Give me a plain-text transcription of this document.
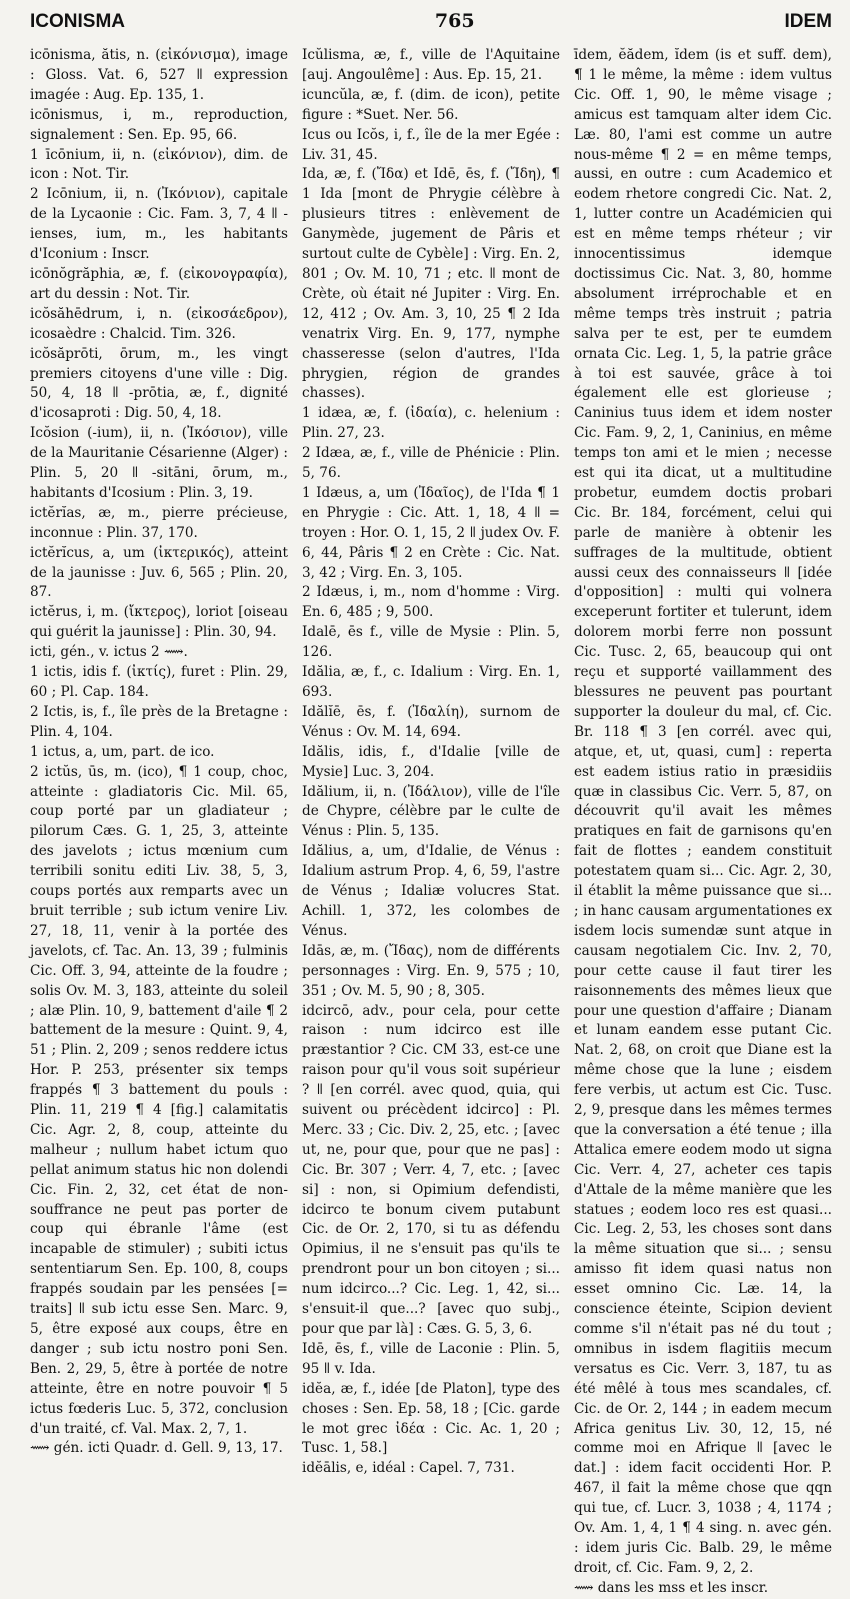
ICONISMA	765	IDEM

icōnisma, ătis, n. (εἰκόνισμα), image : Gloss. Vat. 6, 527 ǁ expression imagée : Aug. Ep. 135, 1.

icōnismus, i, m., reproduction, signalement : Sen. Ep. 95, 66.

1 īcōnium, ii, n. (εἰκόνιον), dim. de icon : Not. Tir.

2 Icōnium, ii, n. (Ἰκόνιον), capitale de la Lycaonie : Cic. Fam. 3, 7, 4 ǁ -ienses, ium, m., les habitants d'Iconium : Inscr.

icōnŏgrăphia, æ, f. (εἰκονογραφία), art du dessin : Not. Tir.

icŏsăhēdrum, i, n. (εἰκοσάεδρον), icosaèdre : Chalcid. Tim. 326.

icŏsăprōti, ōrum, m., les vingt premiers citoyens d'une ville : Dig. 50, 4, 18 ǁ -prōtia, æ, f., dignité d'icosaproti : Dig. 50, 4, 18.

Icŏsion (-ium), ii, n. (Ἰκόσιον), ville de la Mauritanie Césarienne (Alger) : Plin. 5, 20 ǁ -sitāni, ōrum, m., habitants d'Icosium : Plin. 3, 19.

ictĕrĭas, æ, m., pierre précieuse, inconnue : Plin. 37, 170.

ictĕrĭcus, a, um (ἰκτερικός), atteint de la jaunisse : Juv. 6, 565 ; Plin. 20, 87.

ictĕrus, i, m. (ἴκτερος), loriot [oiseau qui guérit la jaunisse] : Plin. 30, 94.

icti, gén., v. ictus 2 ⟿.

1 ictis, idis f. (ἰκτίς), furet : Plin. 29, 60 ; Pl. Cap. 184.

2 Ictis, is, f., île près de la Bretagne : Plin. 4, 104.

1 ictus, a, um, part. de ico.

2 ictŭs, ūs, m. (ico), ¶ 1 coup, choc, atteinte : gladiatoris Cic. Mil. 65, coup porté par un gladiateur ; pilorum Cæs. G. 1, 25, 3, atteinte des javelots ; ictus mœnium cum terribili sonitu editi Liv. 38, 5, 3, coups portés aux remparts avec un bruit terrible ; sub ictum venire Liv. 27, 18, 11, venir à la portée des javelots, cf. Tac. An. 13, 39 ; fulminis Cic. Off. 3, 94, atteinte de la foudre ; solis Ov. M. 3, 183, atteinte du soleil ; alæ Plin. 10, 9, battement d'aile ¶ 2 battement de la mesure : Quint. 9, 4, 51 ; Plin. 2, 209 ; senos reddere ictus Hor. P. 253, présenter six temps frappés ¶ 3 battement du pouls : Plin. 11, 219 ¶ 4 [fig.] calamitatis Cic. Agr. 2, 8, coup, atteinte du malheur ; nullum habet ictum quo pellat animum status hic non dolendi Cic. Fin. 2, 32, cet état de non-souffrance ne peut pas porter de coup qui ébranle l'âme (est incapable de stimuler) ; subiti ictus sententiarum Sen. Ep. 100, 8, coups frappés soudain par les pensées [= traits] ǁ sub ictu esse Sen. Marc. 9, 5, être exposé aux coups, être en danger ; sub ictu nostro poni Sen. Ben. 2, 29, 5, être à portée de notre atteinte, être en notre pouvoir ¶ 5 ictus fœderis Luc. 5, 372, conclusion d'un traité, cf. Val. Max. 2, 7, 1.

⟿ gén. icti Quadr. d. Gell. 9, 13, 17.

Icŭlisma, æ, f., ville de l'Aquitaine [auj. Angoulême] : Aus. Ep. 15, 21.

icuncŭla, æ, f. (dim. de icon), petite figure : *Suet. Ner. 56.

Icus ou Icŏs, i, f., île de la mer Egée : Liv. 31, 45.

Ida, æ, f. (Ἴδα) et Idē, ēs, f. (Ἴδη), ¶ 1 Ida [mont de Phrygie célèbre à plusieurs titres : enlèvement de Ganymède, jugement de Pâris et surtout culte de Cybèle] : Virg. En. 2, 801 ; Ov. M. 10, 71 ; etc. ǁ mont de Crète, où était né Jupiter : Virg. En. 12, 412 ; Ov. Am. 3, 10, 25 ¶ 2 Ida venatrix Virg. En. 9, 177, nymphe chasseresse (selon d'autres, l'Ida phrygien, région de grandes chasses).

1 idæa, æ, f. (ἰδαία), c. helenium : Plin. 27, 23.

2 Idæa, æ, f., ville de Phénicie : Plin. 5, 76.

1 Idæus, a, um (Ἰδαῖος), de l'Ida ¶ 1 en Phrygie : Cic. Att. 1, 18, 4 ǁ = troyen : Hor. O. 1, 15, 2 ǁ judex Ov. F. 6, 44, Pâris ¶ 2 en Crète : Cic. Nat. 3, 42 ; Virg. En. 3, 105.

2 Idæus, i, m., nom d'homme : Virg. En. 6, 485 ; 9, 500.

Idalē, ēs f., ville de Mysie : Plin. 5, 126.

Idălia, æ, f., c. Idalium : Virg. En. 1, 693.

Idălĭē, ēs, f. (Ἰδαλίη), surnom de Vénus : Ov. M. 14, 694.

Idălis, idis, f., d'Idalie [ville de Mysie] Luc. 3, 204.

Idălium, ii, n. (Ἰδάλιον), ville de l'île de Chypre, célèbre par le culte de Vénus : Plin. 5, 135.

Idălius, a, um, d'Idalie, de Vénus : Idalium astrum Prop. 4, 6, 59, l'astre de Vénus ; Idaliæ volucres Stat. Achill. 1, 372, les colombes de Vénus.

Idās, æ, m. (Ἴδας), nom de différents personnages : Virg. En. 9, 575 ; 10, 351 ; Ov. M. 5, 90 ; 8, 305.

idcircō, adv., pour cela, pour cette raison : num idcirco est ille præstantior ? Cic. CM 33, est-ce une raison pour qu'il vous soit supérieur ? ǁ [en corrél. avec quod, quia, qui suivent ou précèdent idcirco] : Pl. Merc. 33 ; Cic. Div. 2, 25, etc. ; [avec ut, ne, pour que, pour que ne pas] : Cic. Br. 307 ; Verr. 4, 7, etc. ; [avec si] : non, si Opimium defendisti, idcirco te bonum civem putabunt Cic. de Or. 2, 170, si tu as défendu Opimius, il ne s'ensuit pas qu'ils te prendront pour un bon citoyen ; si... num idcirco...? Cic. Leg. 1, 42, si... s'ensuit-il que...? [avec quo subj., pour que par là] : Cæs. G. 5, 3, 6.

Idē, ēs, f., ville de Laconie : Plin. 5, 95 ǁ v. Ida.

idĕa, æ, f., idée [de Platon], type des choses : Sen. Ep. 58, 18 ; [Cic. garde le mot grec ἰδέα : Cic. Ac. 1, 20 ; Tusc. 1, 58.]

idĕālis, e, idéal : Capel. 7, 731.

īdem, ĕădem, ĭdem (is et suff. dem), ¶ 1 le même, la même : idem vultus Cic. Off. 1, 90, le même visage ; amicus est tamquam alter idem Cic. Læ. 80, l'ami est comme un autre nous-même ¶ 2 = en même temps, aussi, en outre : cum Academico et eodem rhetore congredi Cic. Nat. 2, 1, lutter contre un Académicien qui est en même temps rhéteur ; vir innocentissimus idemque doctissimus Cic. Nat. 3, 80, homme absolument irréprochable et en même temps très instruit ; patria salva per te est, per te eumdem ornata Cic. Leg. 1, 5, la patrie grâce à toi est sauvée, grâce à toi également elle est glorieuse ; Caninius tuus idem et idem noster Cic. Fam. 9, 2, 1, Caninius, en même temps ton ami et le mien ; necesse est qui ita dicat, ut a multitudine probetur, eumdem doctis probari Cic. Br. 184, forcément, celui qui parle de manière à obtenir les suffrages de la multitude, obtient aussi ceux des connaisseurs ǁ [idée d'opposition] : multi qui volnera exceperunt fortiter et tulerunt, idem dolorem morbi ferre non possunt Cic. Tusc. 2, 65, beaucoup qui ont reçu et supporté vaillamment des blessures ne peuvent pas pourtant supporter la douleur du mal, cf. Cic. Br. 118 ¶ 3 [en corrél. avec qui, atque, et, ut, quasi, cum] : reperta est eadem istius ratio in præsidiis quæ in classibus Cic. Verr. 5, 87, on découvrit qu'il avait les mêmes pratiques en fait de garnisons qu'en fait de flottes ; eandem constituit potestatem quam si... Cic. Agr. 2, 30, il établit la même puissance que si... ; in hanc causam argumentationes ex isdem locis sumendæ sunt atque in causam negotialem Cic. Inv. 2, 70, pour cette cause il faut tirer les raisonnements des mêmes lieux que pour une question d'affaire ; Dianam et lunam eandem esse putant Cic. Nat. 2, 68, on croit que Diane est la même chose que la lune ; eisdem fere verbis, ut actum est Cic. Tusc. 2, 9, presque dans les mêmes termes que la conversation a été tenue ; illa Attalica emere eodem modo ut signa Cic. Verr. 4, 27, acheter ces tapis d'Attale de la même manière que les statues ; eodem loco res est quasi... Cic. Leg. 2, 53, les choses sont dans la même situation que si... ; sensu amisso fit idem quasi natus non esset omnino Cic. Læ. 14, la conscience éteinte, Scipion devient comme s'il n'était pas né du tout ; omnibus in isdem flagitiis mecum versatus es Cic. Verr. 3, 187, tu as été mêlé à tous mes scandales, cf. Cic. de Or. 2, 144 ; in eadem mecum Africa genitus Liv. 30, 12, 15, né comme moi en Afrique ǁ [avec le dat.] : idem facit occidenti Hor. P. 467, il fait la même chose que qqn qui tue, cf. Lucr. 3, 1038 ; 4, 1174 ; Ov. Am. 1, 4, 1 ¶ 4 sing. n. avec gén. : idem juris Cic. Balb. 29, le même droit, cf. Cic. Fam. 9, 2, 2.

⟿ dans les mss et les inscr.
